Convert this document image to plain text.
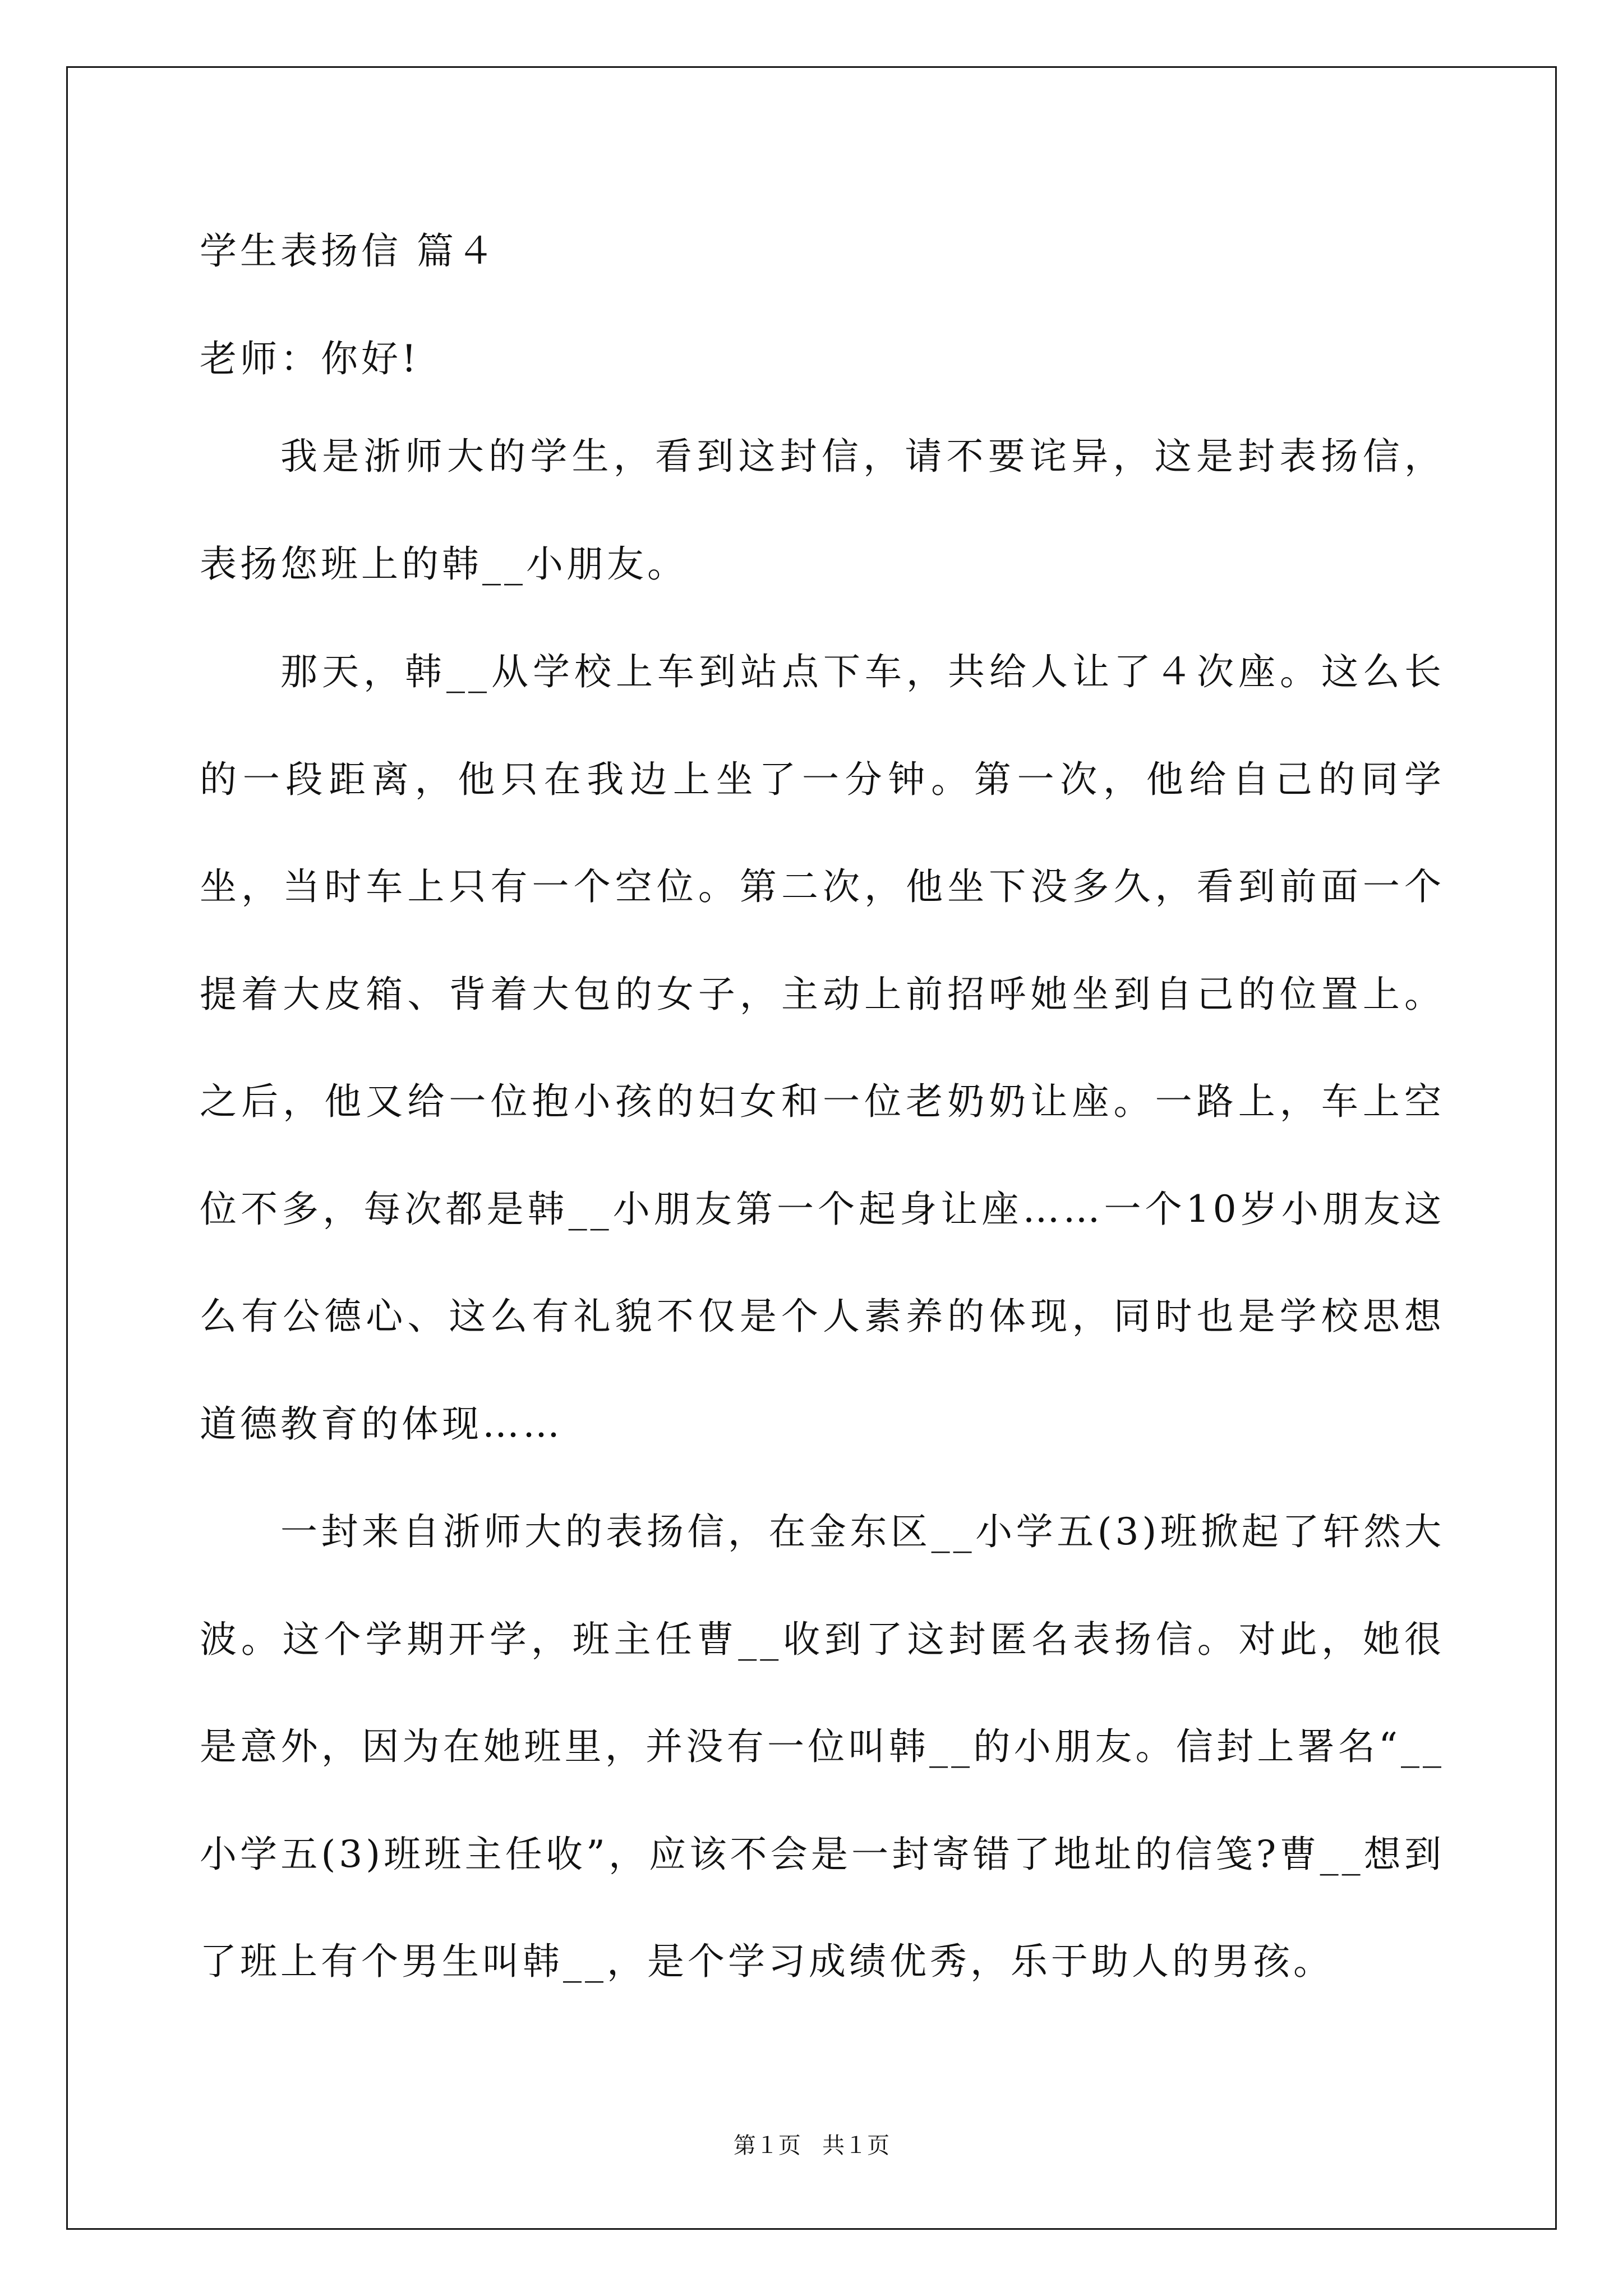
学生表扬信 篇４
老师：你好!

我是浙师大的学生，看到这封信，请不要诧异，这是封表扬信，表扬您班上的韩__小朋友。

那天，韩__从学校上车到站点下车，共给人让了４次座。这么长的一段距离，他只在我边上坐了一分钟。第一次，他给自己的同学坐，当时车上只有一个空位。第二次，他坐下没多久，看到前面一个提着大皮箱、背着大包的女子，主动上前招呼她坐到自己的位置上。之后，他又给一位抱小孩的妇女和一位老奶奶让座。一路上，车上空位不多，每次都是韩__小朋友第一个起身让座……一个10岁小朋友这么有公德心、这么有礼貌不仅是个人素养的体现，同时也是学校思想道德教育的体现……

一封来自浙师大的表扬信，在金东区__小学五(3)班掀起了轩然大波。这个学期开学，班主任曹__收到了这封匿名表扬信。对此，她很是意外，因为在她班里，并没有一位叫韩__的小朋友。信封上署名“__小学五(3)班班主任收”，应该不会是一封寄错了地址的信笺?曹__想到了班上有个男生叫韩__，是个学习成绩优秀，乐于助人的男孩。

第１页   共１页
